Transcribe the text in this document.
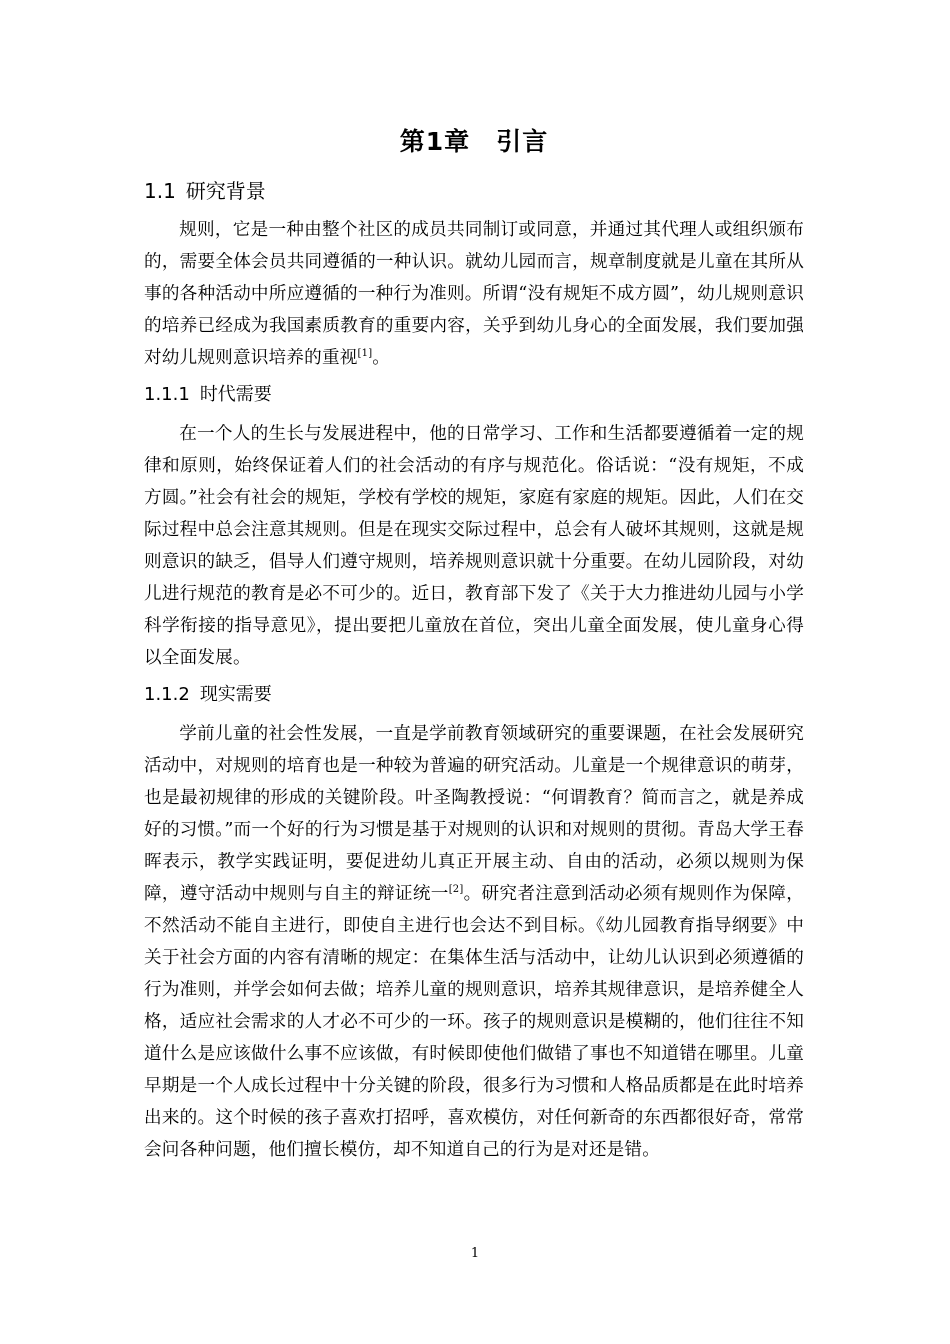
第1章 引言
1.1 研究背景

规则，它是一种由整个社区的成员共同制订或同意，并通过其代理人或组织颁布的，需要全体会员共同遵循的一种认识。就幼儿园而言，规章制度就是儿童在其所从事的各种活动中所应遵循的一种行为准则。所谓“没有规矩不成方圆”，幼儿规则意识的培养已经成为我国素质教育的重要内容，关乎到幼儿身心的全面发展，我们要加强对幼儿规则意识培养的重视[1]。

1.1.1 时代需要

在一个人的生长与发展进程中，他的日常学习、工作和生活都要遵循着一定的规律和原则，始终保证着人们的社会活动的有序与规范化。俗话说：“没有规矩，不成方圆。”社会有社会的规矩，学校有学校的规矩，家庭有家庭的规矩。因此，人们在交际过程中总会注意其规则。但是在现实交际过程中，总会有人破坏其规则，这就是规则意识的缺乏，倡导人们遵守规则，培养规则意识就十分重要。在幼儿园阶段，对幼儿进行规范的教育是必不可少的。近日，教育部下发了《关于大力推进幼儿园与小学科学衔接的指导意见》，提出要把儿童放在首位，突出儿童全面发展，使儿童身心得以全面发展。

1.1.2 现实需要

学前儿童的社会性发展，一直是学前教育领域研究的重要课题，在社会发展研究活动中，对规则的培育也是一种较为普遍的研究活动。儿童是一个规律意识的萌芽，也是最初规律的形成的关键阶段。叶圣陶教授说：“何谓教育？简而言之，就是养成好的习惯。”而一个好的行为习惯是基于对规则的认识和对规则的贯彻。青岛大学王春晖表示，教学实践证明，要促进幼儿真正开展主动、自由的活动，必须以规则为保障，遵守活动中规则与自主的辩证统一[2]。研究者注意到活动必须有规则作为保障，不然活动不能自主进行，即使自主进行也会达不到目标。《幼儿园教育指导纲要》中关于社会方面的内容有清晰的规定：在集体生活与活动中，让幼儿认识到必须遵循的行为准则，并学会如何去做；培养儿童的规则意识，培养其规律意识，是培养健全人格，适应社会需求的人才必不可少的一环。孩子的规则意识是模糊的，他们往往不知道什么是应该做什么事不应该做，有时候即使他们做错了事也不知道错在哪里。儿童早期是一个人成长过程中十分关键的阶段，很多行为习惯和人格品质都是在此时培养出来的。这个时候的孩子喜欢打招呼，喜欢模仿，对任何新奇的东西都很好奇，常常会问各种问题，他们擅长模仿，却不知道自己的行为是对还是错。

1
